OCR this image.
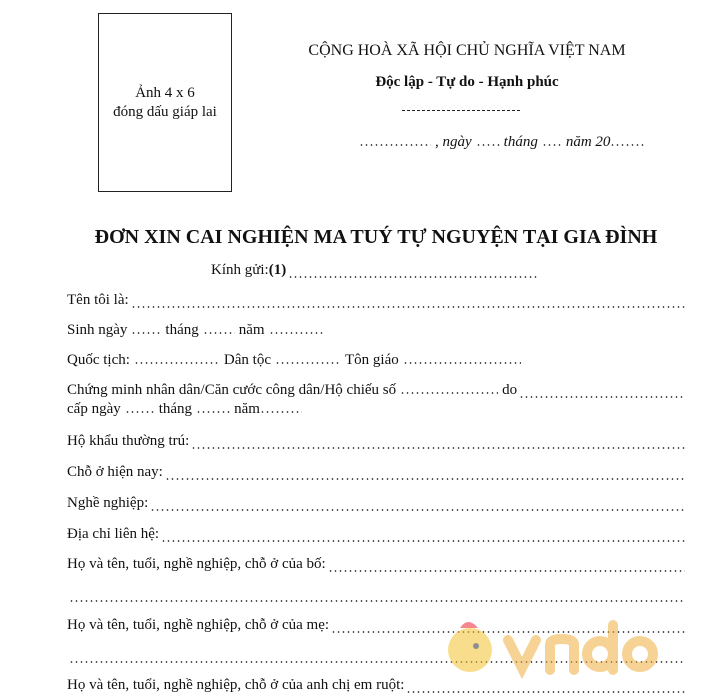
Ảnh 4 x 6
đóng dấu giáp lai
CỘNG HOÀ XÃ HỘI CHỦ NGHĨA VIỆT NAM
Độc lập - Tự do - Hạnh phúc
, ngày tháng năm 20
ĐƠN XIN CAI NGHIỆN MA TUÝ TỰ NGUYỆN TẠI GIA ĐÌNH
Kính gửi: (1)
Tên tôi là:
Sinh ngày	tháng	năm
Quốc tịch:	Dân tộc	Tôn giáo
Chứng minh nhân dân/Căn cước công dân/Hộ chiếu số	do
cấp ngày	tháng	năm
Hộ khẩu thường trú:
Chỗ ở hiện nay:
Nghề nghiệp:
Địa chỉ liên hệ:
Họ và tên, tuổi, nghề nghiệp, chỗ ở của bố:
Họ và tên, tuổi, nghề nghiệp, chỗ ở của mẹ:
Họ và tên, tuổi, nghề nghiệp, chỗ ở của anh chị em ruột:
